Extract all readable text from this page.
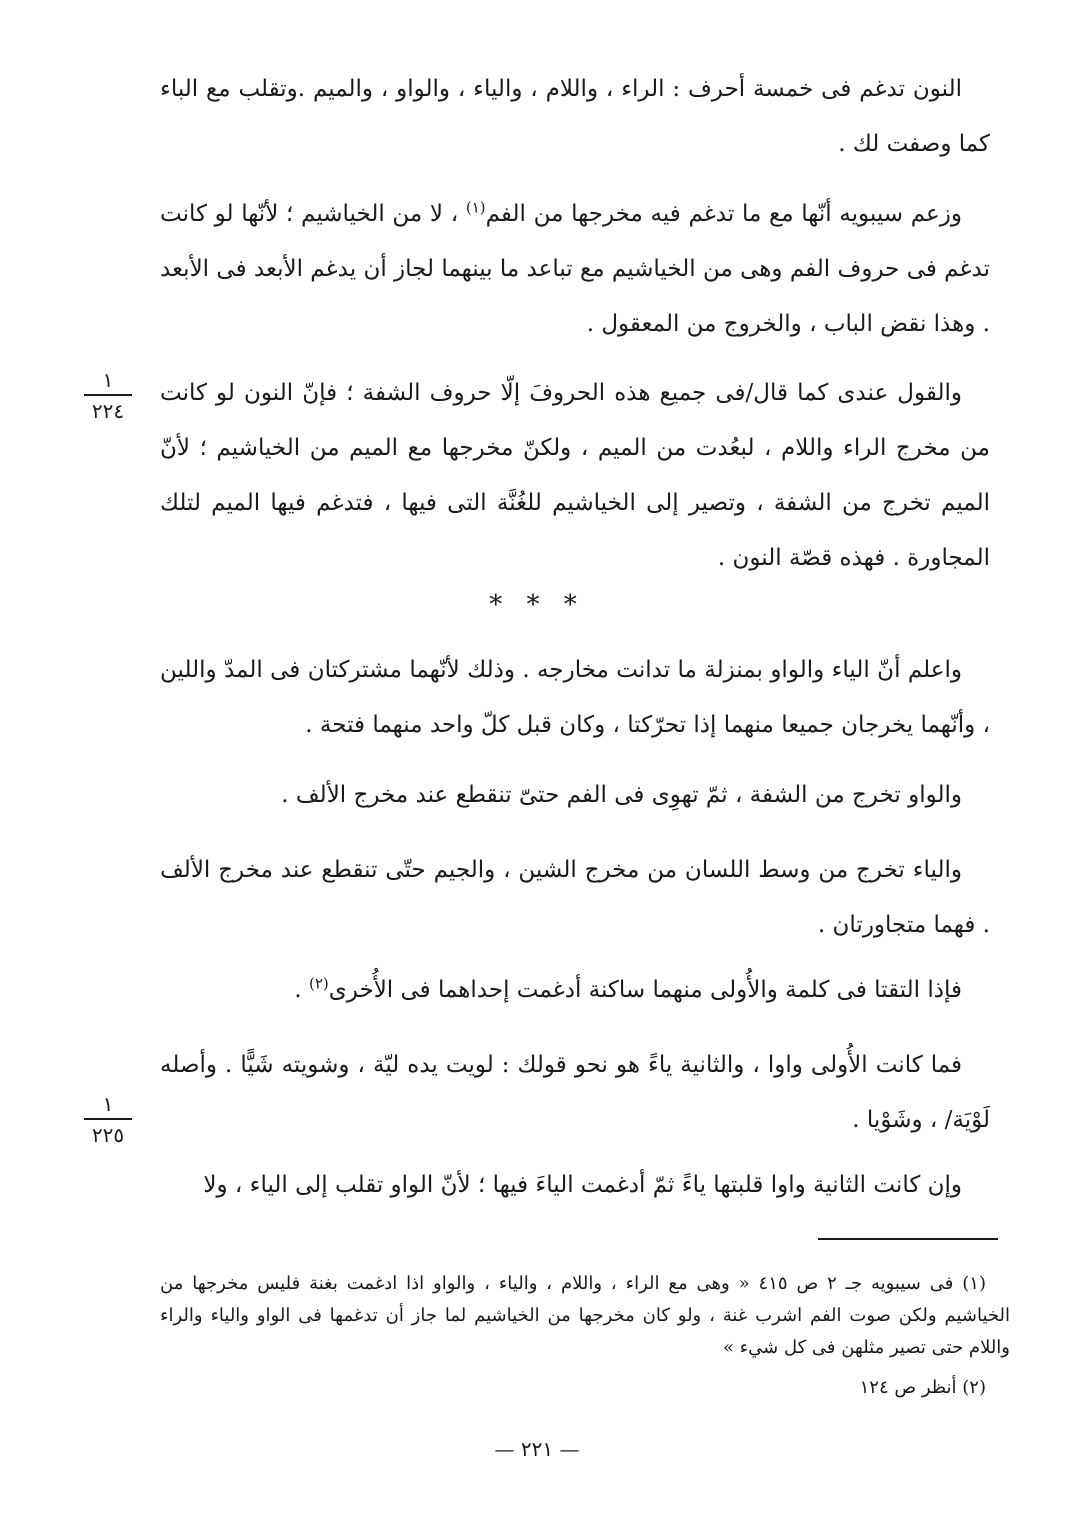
النون تدغم فى خمسة أحرف : الراء ، واللام ، والياء ، والواو ، والميم .وتقلب مع الباء كما وصفت لك .

وزعم سيبويه أنّها مع ما تدغم فيه مخرجها من الفم$^{(١)}$ ، لا من الخياشيم ؛ لأنّها لو كانت تدغم فى حروف الفم وهى من الخياشيم مع تباعد ما بينهما لجاز أن يدغم الأبعد فى الأبعد . وهذا نقض الباب ، والخروج من المعقول .

والقول عندى كما قال/فى جميع هذه الحروفَ إلّا حروف الشفة ؛ فإنّ النون لو كانت من مخرج الراء واللام ، لبعُدت من الميم ، ولكنّ مخرجها مع الميم من الخياشيم ؛ لأنّ الميم تخرج من الشفة ، وتصير إلى الخياشيم للغُنَّة التى فيها ، فتدغم فيها الميم لتلك المجاورة . فهذه قصّة النون .

* * *

واعلم أنّ الياء والواو بمنزلة ما تدانت مخارجه . وذلك لأنّهما مشتركتان فى المدّ واللين ، وأنّهما يخرجان جميعا منهما إذا تحرّكتا ، وكان قبل كلّ واحد منهما فتحة .

والواو تخرج من الشفة ، ثمّ تهوِى فى الفم حتىّ تنقطع عند مخرج الألف .

والياء تخرج من وسط اللسان من مخرج الشين ، والجيم حتّى تنقطع عند مخرج الألف . فهما متجاورتان .

فإذا التقتا فى كلمة والأُولى منهما ساكنة أدغمت إحداهما فى الأُخرى$^{(٢)}$ .

فما كانت الأُولى واوا ، والثانية ياءً هو نحو قولك : لويت يده ليّة ، وشويته شَيًّا . وأصله لَوْيَة/ ، وشَوْيا .

وإن كانت الثانية واوا قلبتها ياءً ثمّ أدغمت الياءَ فيها ؛ لأنّ الواو تقلب إلى الياء ، ولا

١
٢٢٤
١
٢٢٥

(١) فى سيبويه جـ ٢ ص ٤١٥ « وهى مع الراء ، واللام ، والياء ، والواو اذا ادغمت بغنة فليس مخرجها من الخياشيم ولكن صوت الفم اشرب غنة ، ولو كان مخرجها من الخياشيم لما جاز أن تدغمها فى الواو والياء والراء واللام حتى تصير مثلهن فى كل شيء »

(٢) أنظر ص ١٢٤

— ٢٢١ —
